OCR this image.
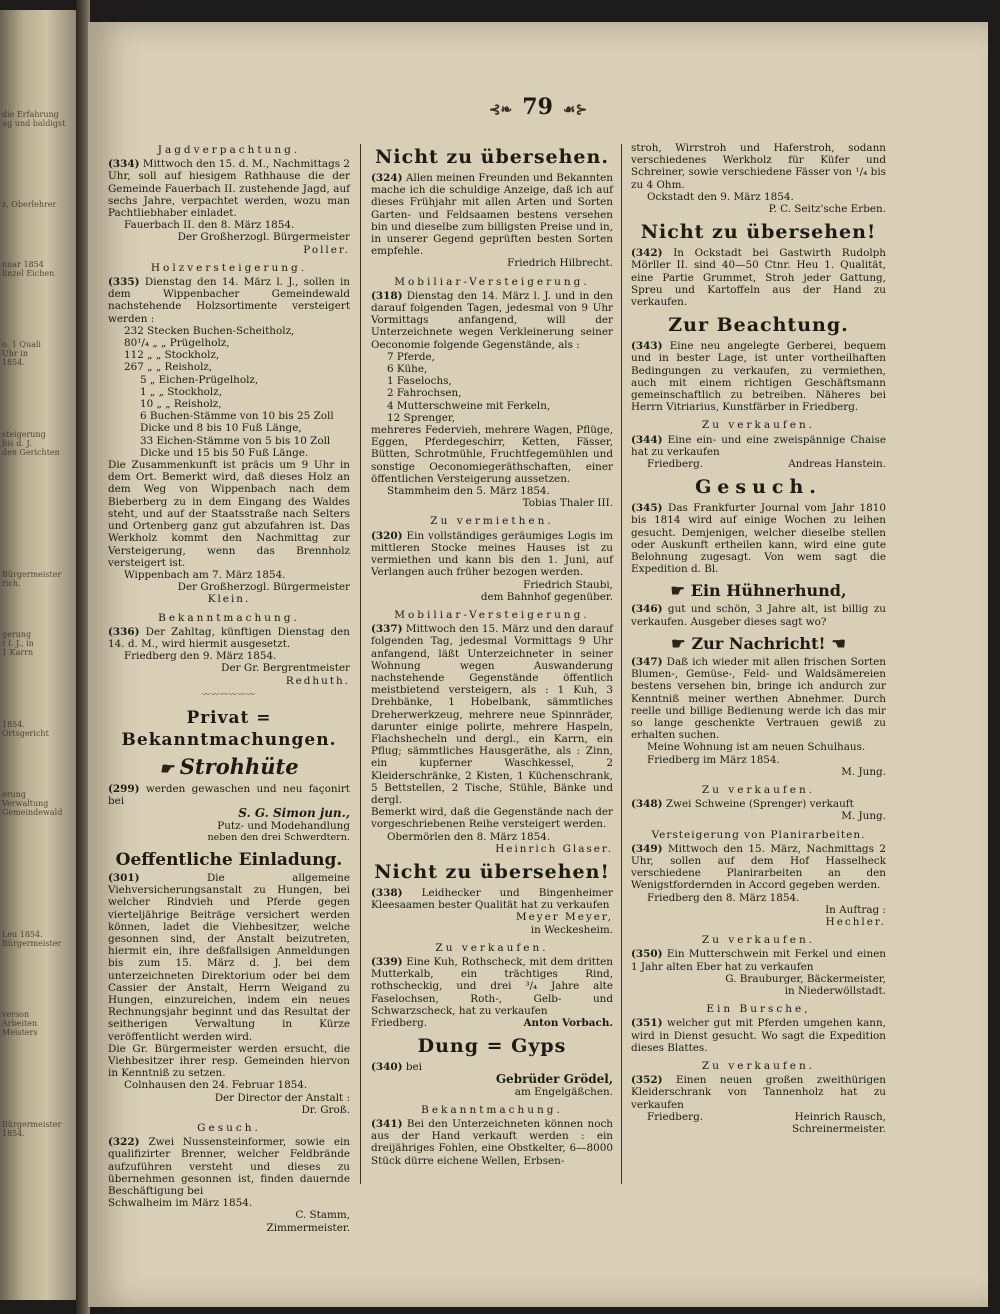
die Erfahrung
ug und baldigst
z, Oberlehrer
nuar 1854
linzel Eichen
o. 1 Quali
Uhr in
1854.
steigerung
bis d. J.
den Gerichten
Bürgermeister
rich.
gerung
r l. J., in
1 Karrn
1854.
Ortsgericht
erung
Verwaltung
Gemeindewald
Leu 1854.
Bürgermeister
verson
Arbeiten
Meisters
Bürgermeister
1854.
⊰❧ 79 ☙⊱
Jagdverpachtung.
(334) Mittwoch den 15. d. M., Nachmittags 2 Uhr, soll auf hiesigem Rathhause die der Gemeinde Fauerbach II. zustehende Jagd, auf sechs Jahre, verpachtet werden, wozu man Pachtliebhaber einladet.
Fauerbach II. den 8. März 1854.
Der Großherzogl. Bürgermeister
Poller.
Holzversteigerung.
(335) Dienstag den 14. März l. J., sollen in dem Wippenbacher Gemeindewald nachstehende Holzsortimente versteigert werden :
232 Stecken Buchen-Scheitholz,
80¹/₄ „ „ Prügelholz,
112 „ „ Stockholz,
267 „ „ Reisholz,
5 „ Eichen-Prügelholz,
1 „ „ Stockholz,
10 „ „ Reisholz,
6 Buchen-Stämme von 10 bis 25 Zoll Dicke und 8 bis 10 Fuß Länge,
33 Eichen-Stämme von 5 bis 10 Zoll Dicke und 15 bis 50 Fuß Länge.
Die Zusammenkunft ist präcis um 9 Uhr in dem Ort. Bemerkt wird, daß dieses Holz an dem Weg von Wippenbach nach dem Bieberberg zu in dem Eingang des Waldes steht, und auf der Staatsstraße nach Selters und Ortenberg ganz gut abzufahren ist. Das Werkholz kommt den Nachmittag zur Versteigerung, wenn das Brennholz versteigert ist.
Wippenbach am 7. März 1854.
Der Großherzogl. Bürgermeister
Klein.
Bekanntmachung.
(336) Der Zahltag, künftigen Dienstag den 14. d. M., wird hiermit ausgesetzt.
Friedberg den 9. März 1854.
Der Gr. Bergrentmeister
Redhuth.
〰〰〰〰〰〰
Privat = Bekanntmachungen.
☛ Strohhüte
(299) werden gewaschen und neu façonirt bei
S. G. Simon jun.,
Putz- und Modehandlung
neben den drei Schwerdtern.
Oeffentliche Einladung.
(301)	Die allgemeine Viehversicherungsanstalt zu Hungen, bei welcher Rindvieh und Pferde gegen vierteljährige Beiträge versichert werden können, ladet die Viehbesitzer, welche gesonnen sind, der Anstalt beizutreten, hiermit ein, ihre deßfallsigen Anmeldungen bis zum 15. März d. J. bei dem unterzeichneten Direktorium oder bei dem Cassier der Anstalt, Herrn Weigand zu Hungen, einzureichen, indem ein neues Rechnungsjahr beginnt und das Resultat der seitherigen Verwaltung in Kürze veröffentlicht werden wird.
Die Gr. Bürgermeister werden ersucht, die Viehbesitzer ihrer resp. Gemeinden hiervon in Kenntniß zu setzen.
Colnhausen den 24. Februar 1854.
Der Director der Anstalt :
Dr. Groß.
Gesuch.
(322) Zwei Nussensteinformer, sowie ein qualifizirter Brenner, welcher Feldbrände aufzuführen versteht und dieses zu übernehmen gesonnen ist, finden dauernde Beschäftigung bei
Schwalheim im März 1854.
C. Stamm,
Zimmermeister.
Nicht zu übersehen.
(324) Allen meinen Freunden und Bekannten mache ich die schuldige Anzeige, daß ich auf dieses Frühjahr mit allen Arten und Sorten Garten- und Feldsaamen bestens versehen bin und dieselbe zum billigsten Preise und in, in unserer Gegend geprüften besten Sorten empfehle.
Friedrich Hilbrecht.
Mobiliar-Versteigerung.
(318) Dienstag den 14. März l. J. und in den darauf folgenden Tagen, jedesmal von 9 Uhr Vormittags anfangend, will der Unterzeichnete wegen Verkleinerung seiner Oeconomie folgende Gegenstände, als :
7 Pferde,
6 Kühe,
1 Faselochs,
2 Fahrochsen,
4 Mutterschweine mit Ferkeln,
12 Sprenger,
mehreres Federvieh, mehrere Wagen, Pflüge, Eggen, Pferdegeschirr, Ketten, Fässer, Bütten, Schrotmühle, Fruchtfegemühlen und sonstige Oeconomiegeräthschaften, einer öffentlichen Versteigerung aussetzen.
Stammheim den 5. März 1854.
Tobias Thaler III.
Zu vermiethen.
(320) Ein vollständiges geräumiges Logis im mittleren Stocke meines Hauses ist zu vermiethen und kann bis den 1. Juni, auf Verlangen auch früher bezogen werden.
Friedrich Staubi,
dem Bahnhof gegenüber.
Mobiliar-Versteigerung.
(337) Mittwoch den 15. März und den darauf folgenden Tag, jedesmal Vormittags 9 Uhr anfangend, läßt Unterzeichneter in seiner Wohnung wegen Auswanderung nachstehende Gegenstände öffentlich meistbietend versteigern, als : 1 Kuh, 3 Drehbänke, 1 Hobelbank, sämmtliches Dreherwerkzeug, mehrere neue Spinnräder, darunter einige polirte, mehrere Haspeln, Flachshecheln und dergl., ein Karrn, ein Pflug; sämmtliches Hausgeräthe, als : Zinn, ein kupferner Waschkessel, 2 Kleiderschränke, 2 Kisten, 1 Küchenschrank, 5 Bettstellen, 2 Tische, Stühle, Bänke und dergl.
Bemerkt wird, daß die Gegenstände nach der vorgeschriebenen Reihe versteigert werden.
Obermörlen den 8. März 1854.
Heinrich Glaser.
Nicht zu übersehen!
(338) Leidhecker und Bingenheimer Kleesaamen bester Qualität hat zu verkaufen
Meyer Meyer,
in Weckesheim.
Zu verkaufen.
(339) Eine Kuh, Rothscheck, mit dem dritten Mutterkalb, ein trächtiges Rind, rothscheckig, und drei ³/₄ Jahre alte Faselochsen, Roth-, Gelb- und Schwarzscheck, hat zu verkaufen
Friedberg.	Anton Vorbach.
Dung = Gyps
(340) bei
Gebrüder Grödel,
am Engelgäßchen.
Bekanntmachung.
(341) Bei den Unterzeichneten können noch aus der Hand verkauft werden : ein dreijähriges Fohlen, eine Obstkelter, 6—8000 Stück dürre eichene Wellen, Erbsen-
stroh, Wirrstroh und Haferstroh, sodann verschiedenes Werkholz für Küfer und Schreiner, sowie verschiedene Fässer von ¹/₄ bis zu 4 Ohm.
Ockstadt den 9. März 1854.
P. C. Seitz'sche Erben.
Nicht zu übersehen!
(342) In Ockstadt bei Gastwirth Rudolph Mörller II. sind 40—50 Ctnr. Heu 1. Qualität, eine Partie Grummet, Stroh jeder Gattung, Spreu und Kartoffeln aus der Hand zu verkaufen.
Zur Beachtung.
(343) Eine neu angelegte Gerberei, bequem und in bester Lage, ist unter vortheilhaften Bedingungen zu verkaufen, zu vermiethen, auch mit einem richtigen Geschäftsmann gemeinschaftlich zu betreiben. Näheres bei Herrn Vitriarius, Kunstfärber in Friedberg.
Zu verkaufen.
(344) Eine ein- und eine zweispännige Chaise hat zu verkaufen
Friedberg.	Andreas Hanstein.
Gesuch.
(345) Das Frankfurter Journal vom Jahr 1810 bis 1814 wird auf einige Wochen zu leihen gesucht. Demjenigen, welcher dieselbe stellen oder Auskunft ertheilen kann, wird eine gute Belohnung zugesagt. Von wem sagt die Expedition d. Bl.
☛ Ein Hühnerhund,
(346) gut und schön, 3 Jahre alt, ist billig zu verkaufen. Ausgeber dieses sagt wo?
☛ Zur Nachricht! ☚
(347) Daß ich wieder mit allen frischen Sorten Blumen-, Gemüse-, Feld- und Waldsämereien bestens versehen bin, bringe ich andurch zur Kenntniß meiner werthen Abnehmer. Durch reelle und billige Bedienung werde ich das mir so lange geschenkte Vertrauen gewiß zu erhalten suchen.
Meine Wohnung ist am neuen Schulhaus.
Friedberg im März 1854.
M. Jung.
Zu verkaufen.
(348) Zwei Schweine (Sprenger) verkauft
M. Jung.
Versteigerung von Planirarbeiten.
(349) Mittwoch den 15. März, Nachmittags 2 Uhr, sollen auf dem Hof Hasselheck verschiedene Planirarbeiten an den Wenigstfordernden in Accord gegeben werden.
Friedberg den 8. März 1854.
In Auftrag :
Hechler.
Zu verkaufen.
(350) Ein Mutterschwein mit Ferkel und einen 1 Jahr alten Eber hat zu verkaufen
G. Brauburger, Bäckermeister,
in Niederwöllstadt.
Ein Bursche,
(351) welcher gut mit Pferden umgehen kann, wird in Dienst gesucht. Wo sagt die Expedition dieses Blattes.
Zu verkaufen.
(352) Einen neuen großen zweithürigen Kleiderschrank von Tannenholz hat zu verkaufen
Friedberg.	Heinrich Rausch,
Schreinermeister.
